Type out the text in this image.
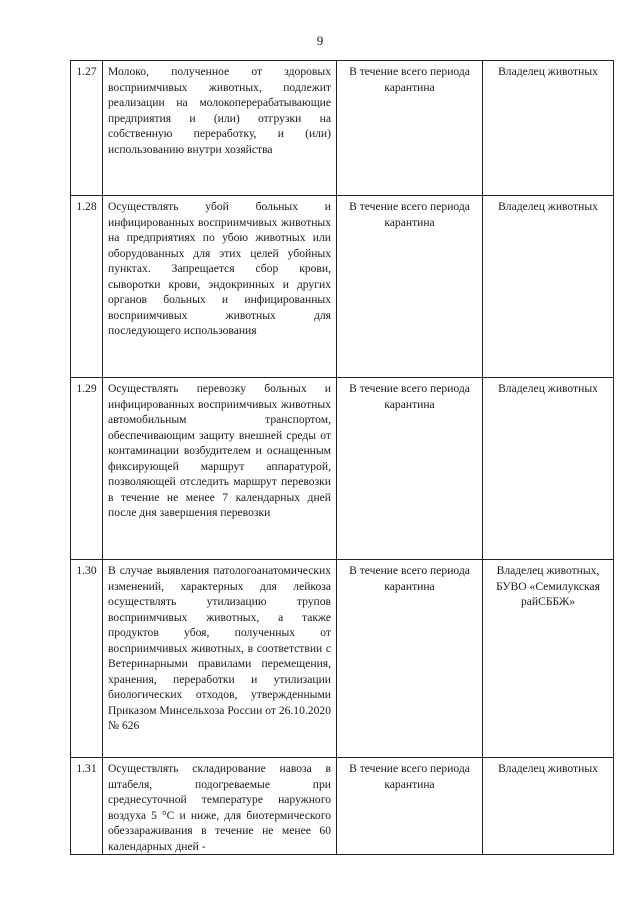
9
1.27	Молоко, полученное от здоровых восприимчивых животных, подлежит реализации на молокоперерабатывающие предприятия и (или) отгрузки на собственную переработку, и (или) использованию внутри хозяйства	В течение всего периода карантина	Владелец животных
1.28	Осуществлять убой больных и инфицированных восприимчивых животных на предприятиях по убою животных или оборудованных для этих целей убойных пунктах. Запрещается сбор крови, сыворотки крови, эндокринных и других органов больных и инфицированных восприимчивых животных для последующего использования	В течение всего периода карантина	Владелец животных
1.29	Осуществлять перевозку больных и инфицированных восприимчивых животных автомобильным транспортом, обеспечивающим защиту внешней среды от контаминации возбудителем и оснащенным фиксирующей маршрут аппаратурой, позволяющей отследить маршрут перевозки в течение не менее 7 календарных дней после дня завершения перевозки	В течение всего периода карантина	Владелец животных
1.30	В случае выявления патологоанатомических изменений, характерных для лейкоза осуществлять утилизацию трупов восприимчивых животных, а также продуктов убоя, полученных от восприимчивых животных, в соответствии с Ветеринарными правилами перемещения, хранения, переработки и утилизации биологических отходов, утвержденными Приказом Минсельхоза России от 26.10.2020 № 626	В течение всего периода карантина	Владелец животных, БУВО «Семилукская райСББЖ»
1.31	Осуществлять складирование навоза в штабеля, подогреваемые при среднесуточной температуре наружного воздуха 5 °С и ниже, для биотермического обеззараживания в течение не менее 60 календарных дней -	В течение всего периода карантина	Владелец животных
